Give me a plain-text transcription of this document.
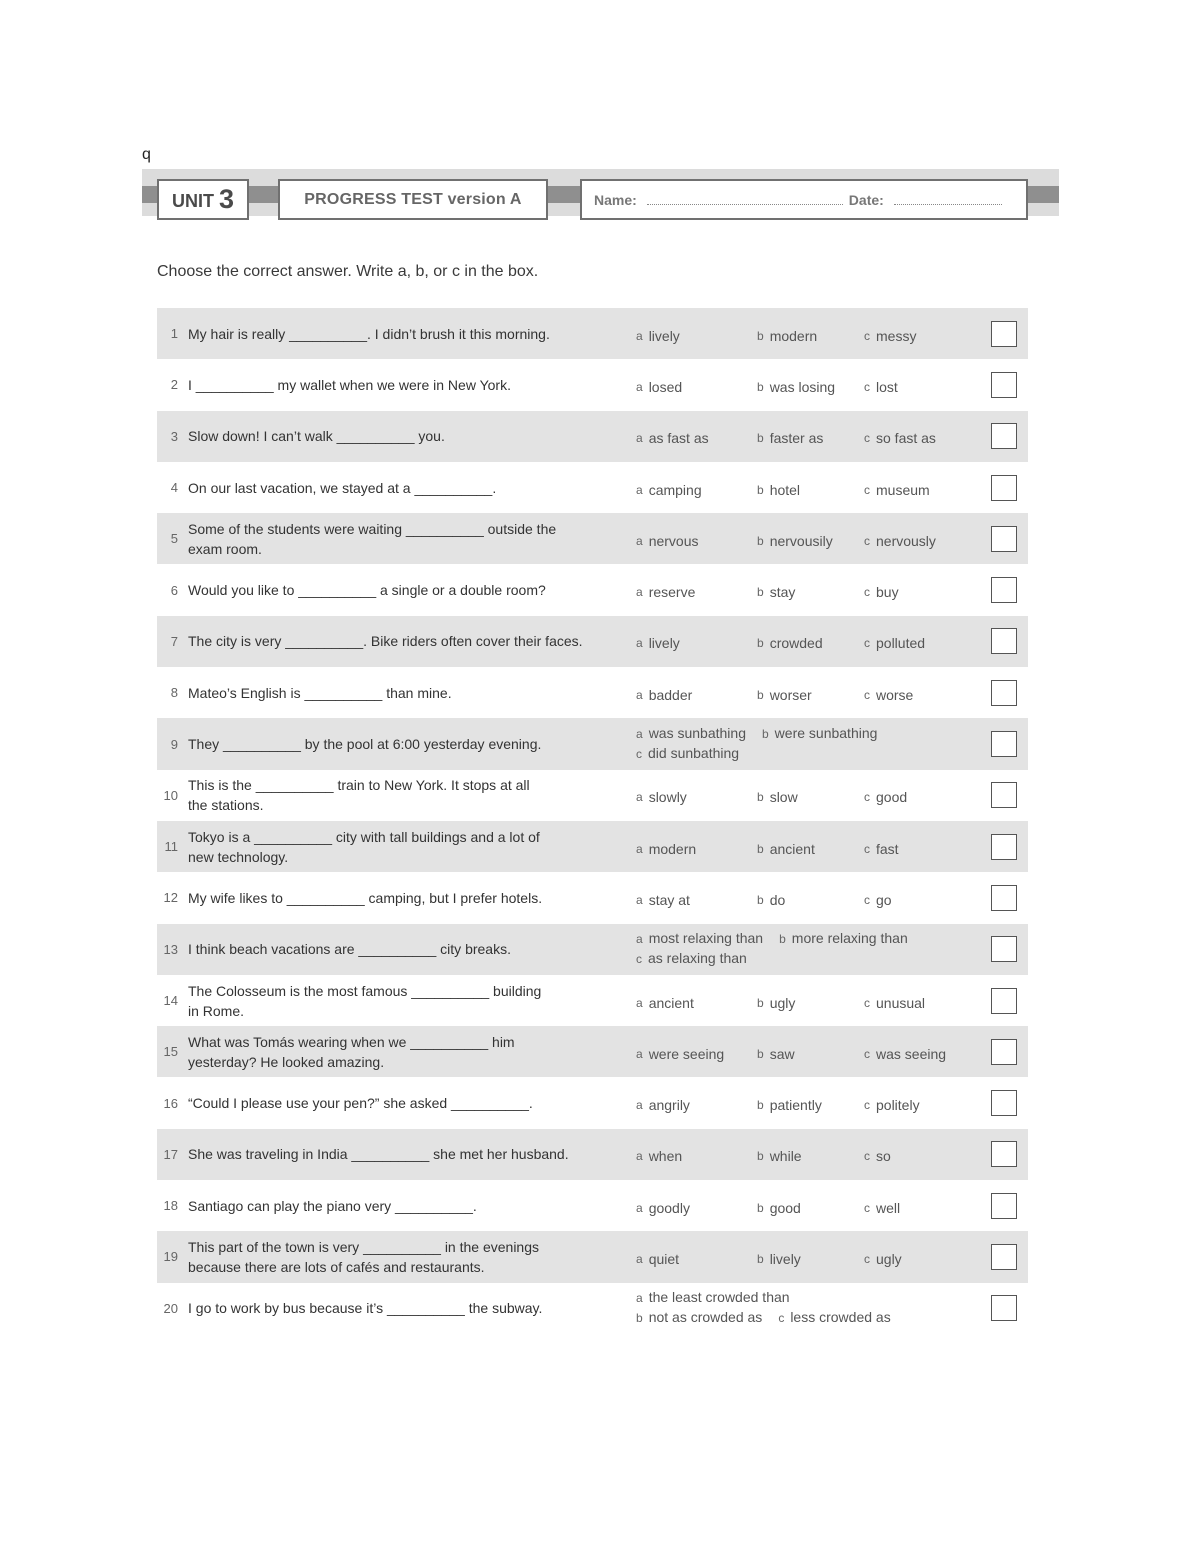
q
UNIT 3	PROGRESS TEST version A	Name:	Date:
Choose the correct answer. Write a, b, or c in the box.
1 My hair is really __________. I didn’t brush it this morning.	a lively	b modern	c messy
2 I __________ my wallet when we were in New York.	a losed	b was losing c lost
3 Slow down! I can’t walk __________ you.	a as fast as	b faster as	c so fast as
4 On our last vacation, we stayed at a __________.	a camping	b hotel	c museum
5
Some of the students were waiting __________ outside the
exam room.	a nervous	b nervousily	c nervously
6 Would you like to __________ a single or a double room?	a reserve	b stay	c buy
7 The city is very __________. Bike riders often cover their faces.	a lively	b crowded	c polluted
8 Mateo’s English is __________ than mine.	a badder	b worser	c worse
9 They __________ by the pool at 6:00 yesterday evening.
a was sunbathing b were sunbathing
c did sunbathing
10
This is the __________ train to New York. It stops at all
the stations.	a slowly	b slow	c good
11
Tokyo is a __________ city with tall buildings and a lot of
new technology.	a modern	b ancient	c fast
12 My wife likes to __________ camping, but I prefer hotels.	a stay at	b do	c go
13 I think beach vacations are __________ city breaks.
a most relaxing than b more relaxing than
c as relaxing than
14
The Colosseum is the most famous __________ building
in Rome.	a ancient	b ugly	c unusual
15
What was Tomás wearing when we __________ him
yesterday? He looked amazing.	a were seeing	b saw	c was seeing
16 “Could I please use your pen?” she asked __________.	a angrily	b patiently	c politely
17 She was traveling in India __________ she met her husband.	a when	b while	c so
18 Santiago can play the piano very __________.	a goodly	b good	c well
19
This part of the town is very __________ in the evenings
because there are lots of cafés and restaurants.	a quiet	b lively	c ugly
20 I go to work by bus because it’s __________ the subway.
a the least crowded than
b not as crowded as c less crowded as
